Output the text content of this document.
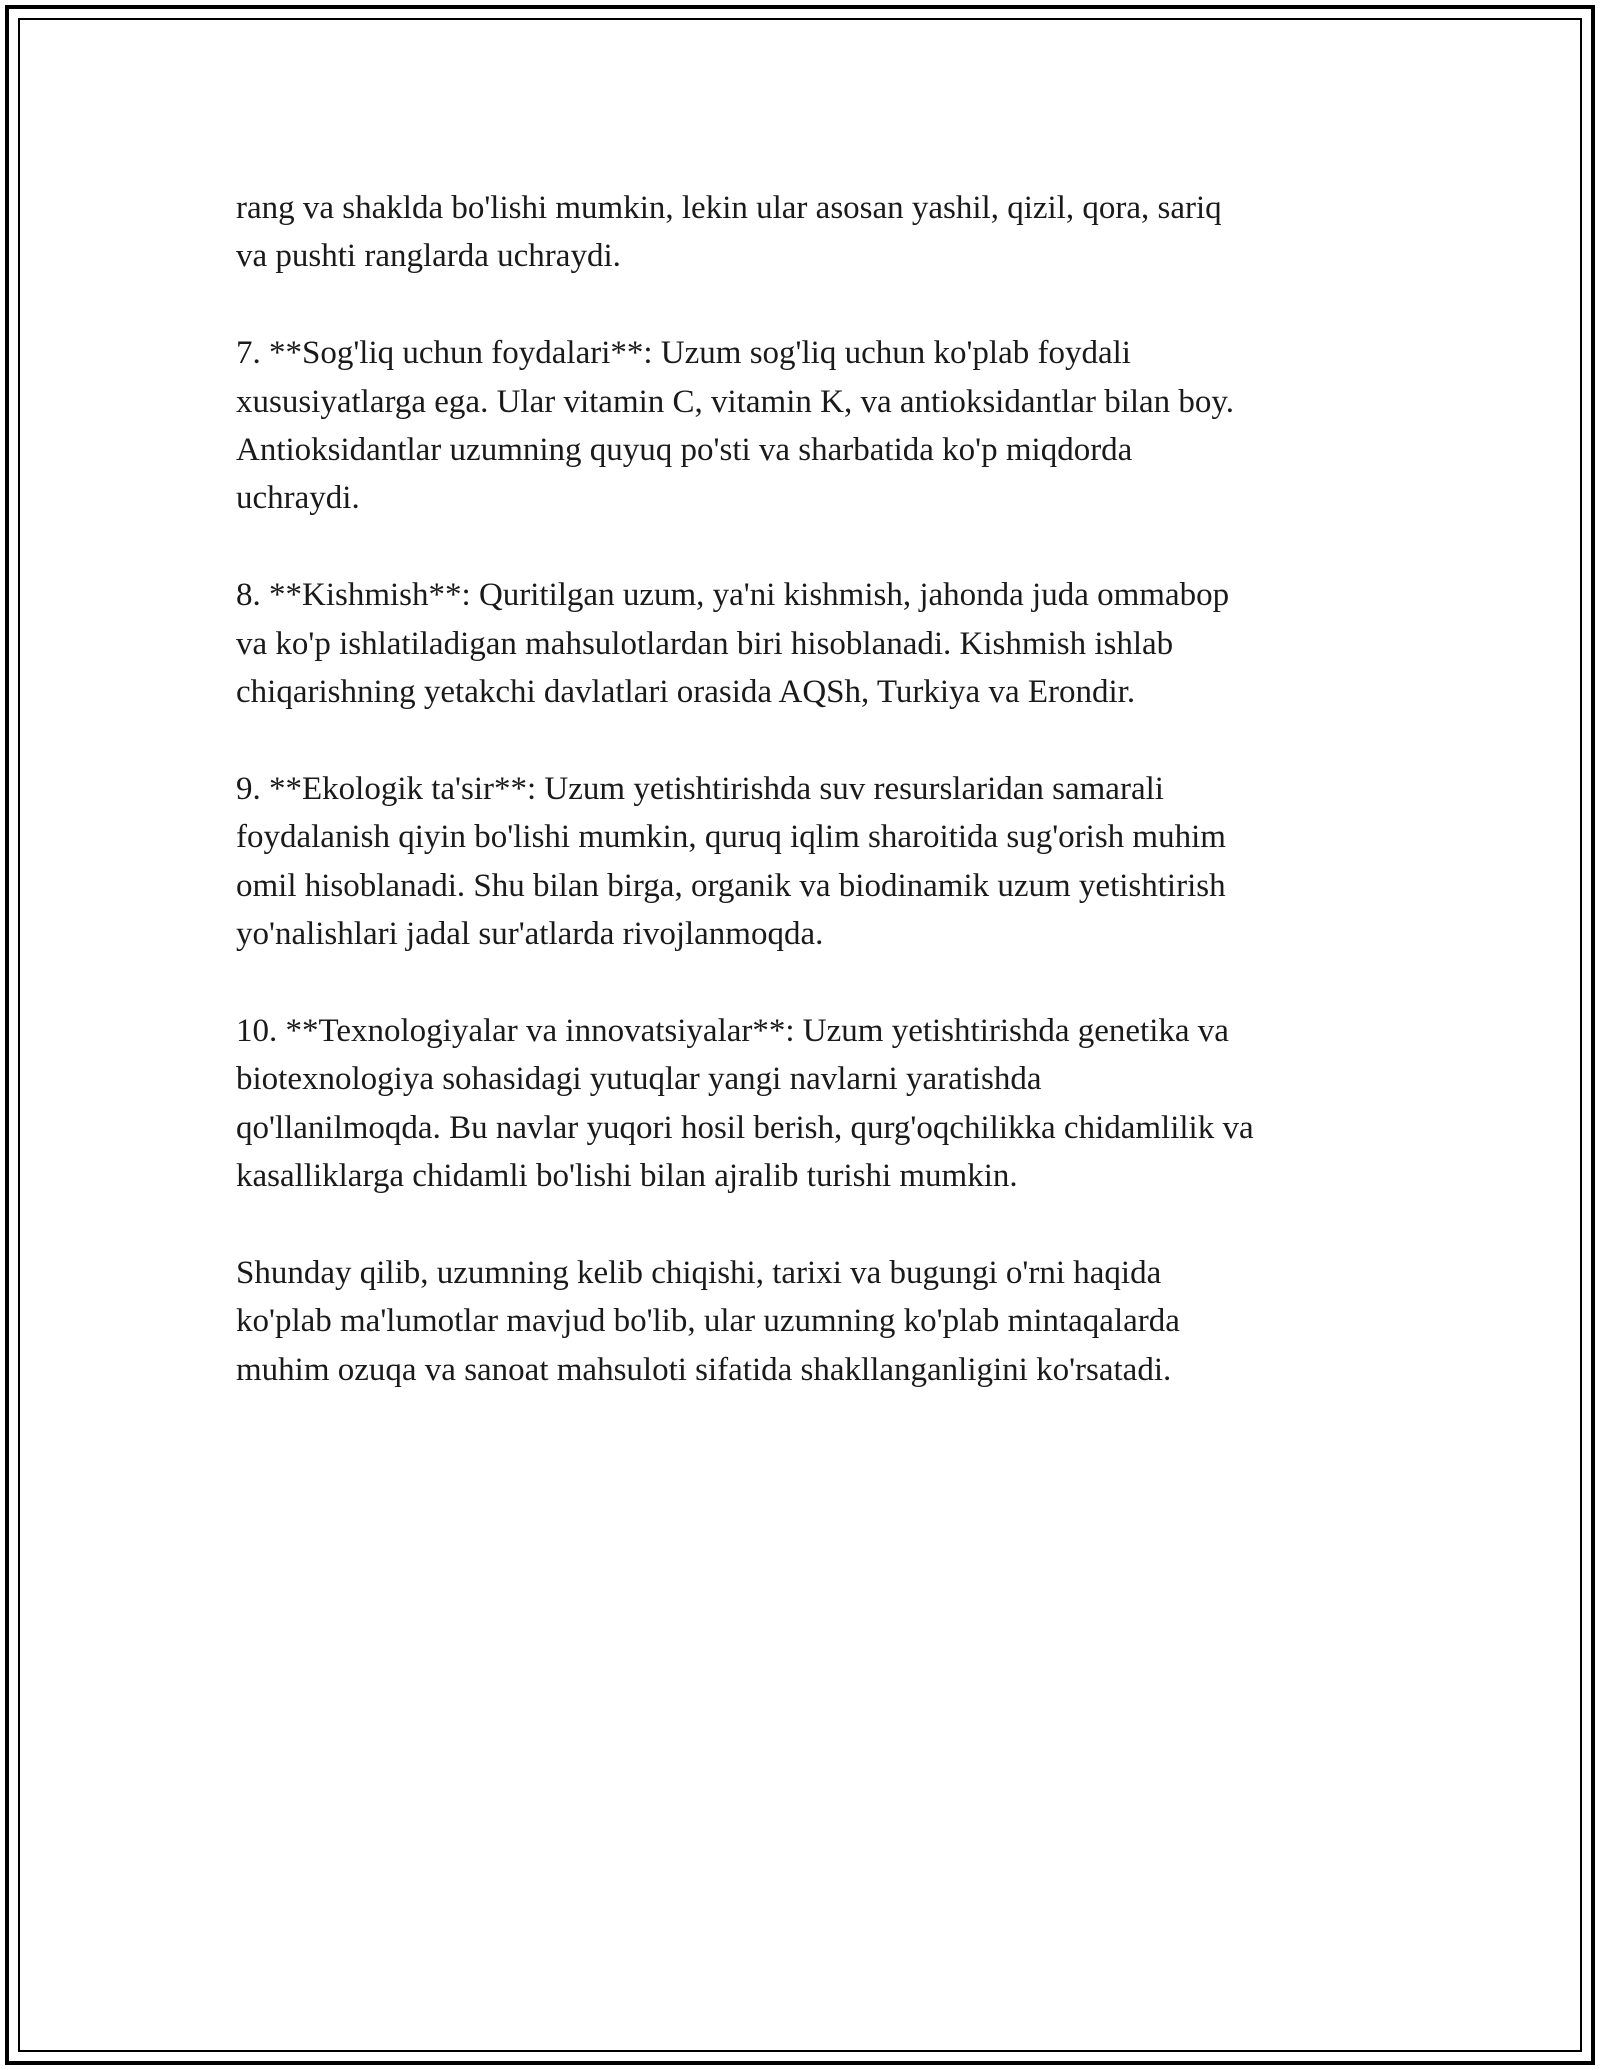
rang va shakldа bo'lishi mumkin, lekin ular asosan yashil, qizil, qora, sariq
va pushti ranglarda uchraydi.

7. **Sog'liq uchun foydalari**: Uzum sog'liq uchun ko'plab foydali
xususiyatlarga ega. Ular vitamin C, vitamin K, va antioksidantlar bilan boy.
Antioksidantlar uzumning quyuq po'sti va sharbatida ko'p miqdorda
uchraydi.

8. **Kishmish**: Quritilgan uzum, ya'ni kishmish, jahonda juda ommabop
va ko'p ishlatiladigan mahsulotlardan biri hisoblanadi. Kishmish ishlab
chiqarishning yetakchi davlatlari orasida AQSh, Turkiya va Erondir.

9. **Ekologik ta'sir**: Uzum yetishtirishda suv resurslaridan samarali
foydalanish qiyin bo'lishi mumkin, quruq iqlim sharoitida sug'orish muhim
omil hisoblanadi. Shu bilan birga, organik va biodinamik uzum yetishtirish
yo'nalishlari jadal sur'atlarda rivojlanmoqda.

10. **Texnologiyalar va innovatsiyalar**: Uzum yetishtirishda genetika va
biotexnologiya sohasidagi yutuqlar yangi navlarni yaratishda
qo'llanilmoqda. Bu navlar yuqori hosil berish, qurg'oqchilikka chidamlilik va
kasalliklarga chidamli bo'lishi bilan ajralib turishi mumkin.

Shunday qilib, uzumning kelib chiqishi, tarixi va bugungi o'rni haqida
ko'plab ma'lumotlar mavjud bo'lib, ular uzumning ko'plab mintaqalarda
muhim ozuqa va sanoat mahsuloti sifatida shakllanganligini ko'rsatadi.
